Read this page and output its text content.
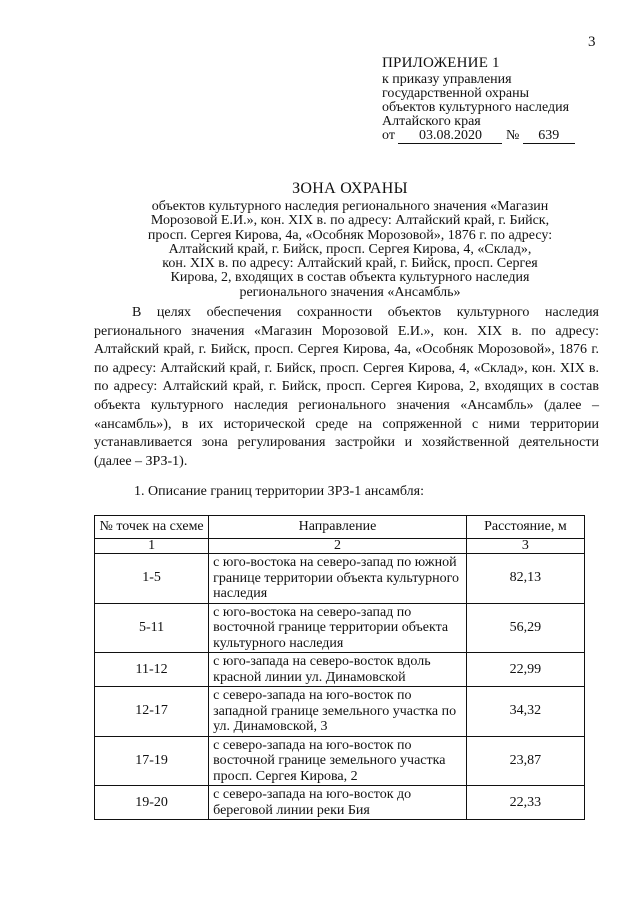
3
ПРИЛОЖЕНИЕ 1
к приказу управления
государственной охраны
объектов культурного наследия
Алтайского края
от 03.08.2020 № 639
ЗОНА ОХРАНЫ
объектов культурного наследия регионального значения «Магазин
Морозовой Е.И.», кон. XIX в. по адресу: Алтайский край, г. Бийск,
просп. Сергея Кирова, 4а, «Особняк Морозовой», 1876 г. по адресу:
Алтайский край, г. Бийск, просп. Сергея Кирова, 4, «Склад»,
кон. XIX в. по адресу: Алтайский край, г. Бийск, просп. Сергея
Кирова, 2, входящих в состав объекта культурного наследия
регионального значения «Ансамбль»
В целях обеспечения сохранности объектов культурного наследия регионального значения «Магазин Морозовой Е.И.», кон. XIX в. по адресу: Алтайский край, г. Бийск, просп. Сергея Кирова, 4а, «Особняк Морозовой», 1876 г. по адресу: Алтайский край, г. Бийск, просп. Сергея Кирова, 4, «Склад», кон. XIX в. по адресу: Алтайский край, г. Бийск, просп. Сергея Кирова, 2, входящих в состав объекта культурного наследия регионального значения «Ансамбль» (далее – «ансамбль»), в их исторической среде на сопряженной с ними территории устанавливается зона регулирования застройки и хозяйственной деятельности (далее – ЗРЗ-1).
1. Описание границ территории ЗРЗ-1 ансамбля:
№ точек на схеме	Направление	Расстояние, м
1	2	3
1-5	с юго-востока на северо-запад по южной границе территории объекта культурного наследия	82,13
5-11	с юго-востока на северо-запад по восточной границе территории объекта культурного наследия	56,29
11-12	с юго-запада на северо-восток вдоль красной линии ул. Динамовской	22,99
12-17	с северо-запада на юго-восток по западной границе земельного участка по ул. Динамовской, 3	34,32
17-19	с северо-запада на юго-восток по восточной границе земельного участка просп. Сергея Кирова, 2	23,87
19-20	с северо-запада на юго-восток до береговой линии реки Бия	22,33
